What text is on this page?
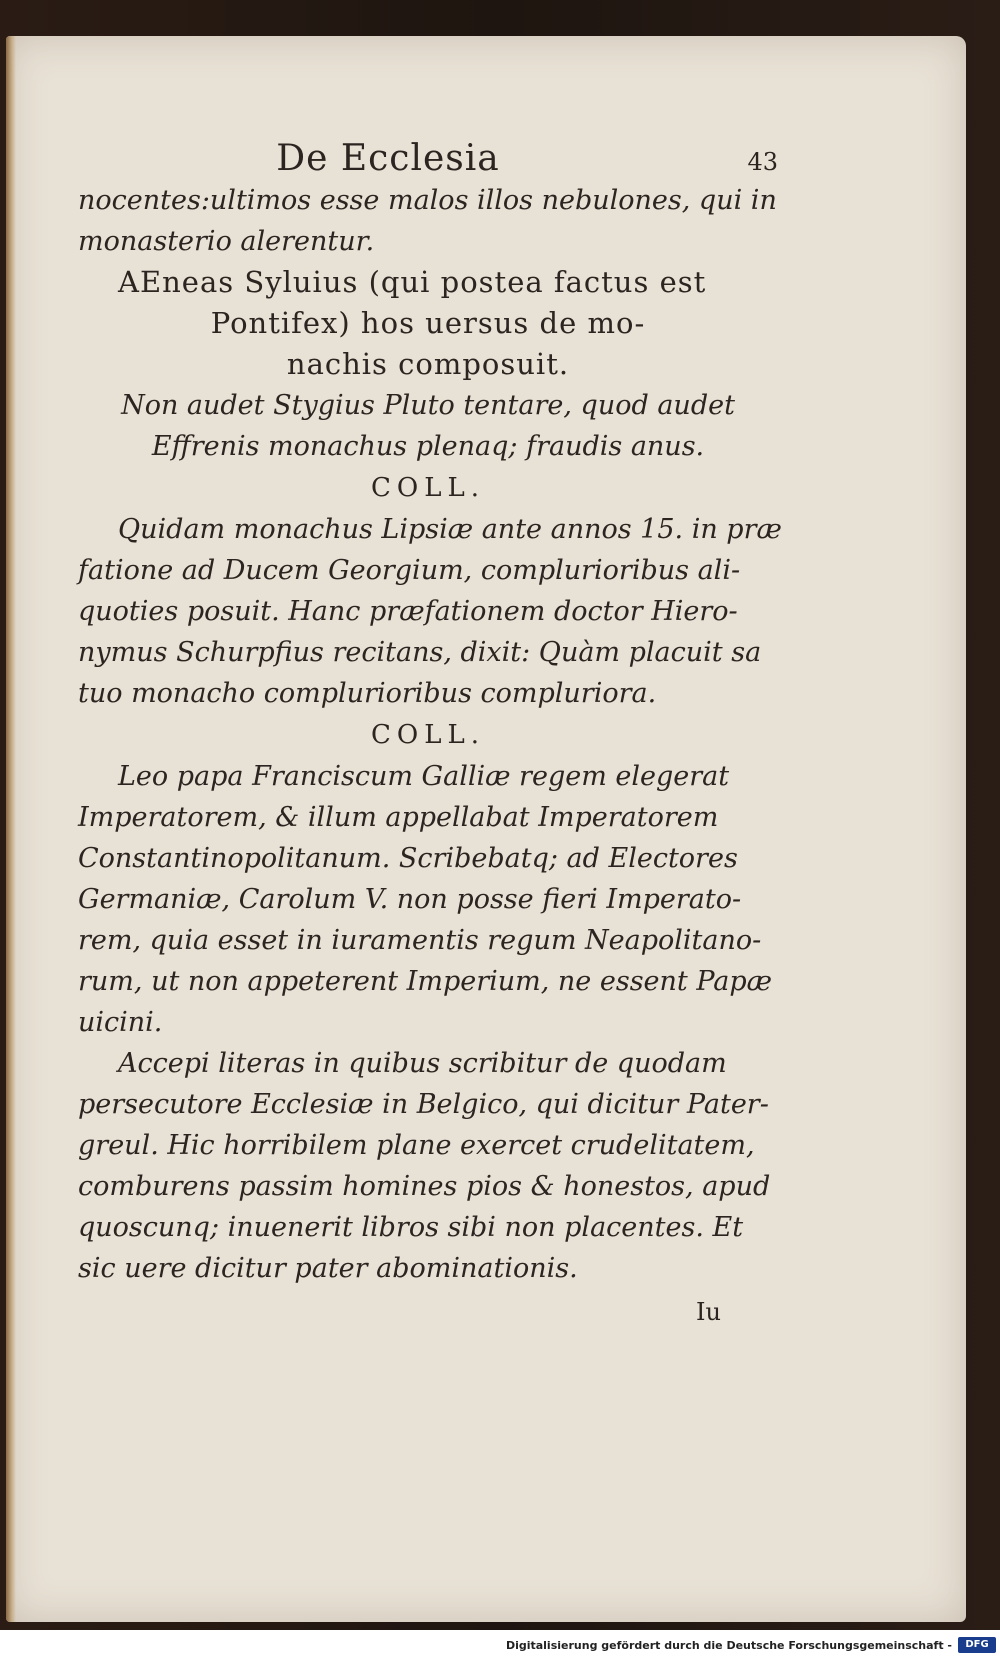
De Ecclesia	43
nocentes:ultimos esse malos illos nebulones, qui in
monasterio alerentur.
AEneas Syluius (qui postea factus est
Pontifex) hos uersus de mo-
nachis composuit.
Non audet Stygius Pluto tentare, quod audet
Effrenis monachus plenaq; fraudis anus.
COLL.
Quidam monachus Lipsiæ ante annos 15. in præ
fatione ad Ducem Georgium, complurioribus ali-
quoties posuit. Hanc præfationem doctor Hiero-
nymus Schurpfius recitans, dixit: Quàm placuit sa
tuo monacho complurioribus compluriora.
COLL.
Leo papa Franciscum Galliæ regem elegerat
Imperatorem, & illum appellabat Imperatorem
Constantinopolitanum. Scribebatq; ad Electores
Germaniæ, Carolum V. non posse fieri Imperato-
rem, quia esset in iuramentis regum Neapolitano-
rum, ut non appeterent Imperium, ne essent Papæ
uicini.
Accepi literas in quibus scribitur de quodam
persecutore Ecclesiæ in Belgico, qui dicitur Pater-
greul. Hic horribilem plane exercet crudelitatem,
comburens passim homines pios & honestos, apud
quoscunq; inuenerit libros sibi non placentes. Et
sic uere dicitur pater abominationis.
Iu
Digitalisierung gefördert durch die Deutsche Forschungsgemeinschaft -	DFG
